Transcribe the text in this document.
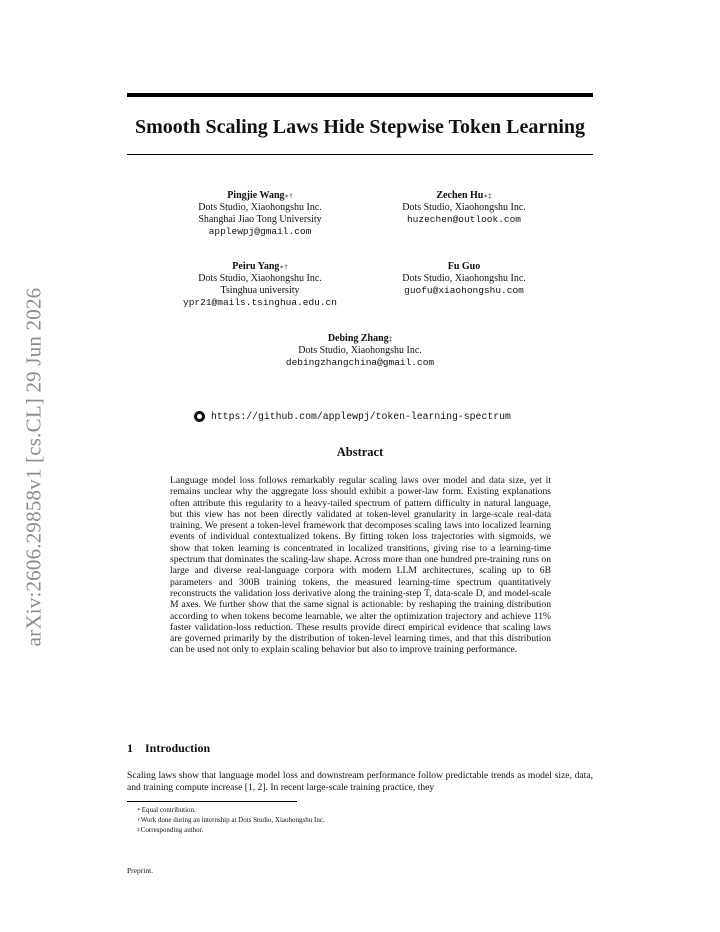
arXiv:2606.29858v1 [cs.CL] 29 Jun 2026
Smooth Scaling Laws Hide Stepwise Token Learning
Pingjie Wang∗†
Dots Studio, Xiaohongshu Inc.
Shanghai Jiao Tong University
applewpj@gmail.com
Zechen Hu∗‡
Dots Studio, Xiaohongshu Inc.
huzechen@outlook.com
Peiru Yang∗†
Dots Studio, Xiaohongshu Inc.
Tsinghua university
ypr21@mails.tsinghua.edu.cn
Fu Guo
Dots Studio, Xiaohongshu Inc.
guofu@xiaohongshu.com
Debing Zhang‡
Dots Studio, Xiaohongshu Inc.
debingzhangchina@gmail.com
https://github.com/applewpj/token-learning-spectrum
Abstract
Language model loss follows remarkably regular scaling laws over model and data size, yet it remains unclear why the aggregate loss should exhibit a power-law form. Existing explanations often attribute this regularity to a heavy-tailed spectrum of pattern difficulty in natural language, but this view has not been directly validated at token-level granularity in large-scale real-data training. We present a token-level framework that decomposes scaling laws into localized learning events of individual contextualized tokens. By fitting token loss trajectories with sigmoids, we show that token learning is concentrated in localized transitions, giving rise to a learning-time spectrum that dominates the scaling-law shape. Across more than one hundred pre-training runs on large and diverse real-language corpora with modern LLM architectures, scaling up to 6B parameters and 300B training tokens, the measured learning-time spectrum quantitatively reconstructs the validation loss derivative along the training-step T, data-scale D, and model-scale M axes. We further show that the same signal is actionable: by reshaping the training distribution according to when tokens become learnable, we alter the optimization trajectory and achieve 11% faster validation-loss reduction. These results provide direct empirical evidence that scaling laws are governed primarily by the distribution of token-level learning times, and that this distribution can be used not only to explain scaling behavior but also to improve training performance.
1 Introduction
Scaling laws show that language model loss and downstream performance follow predictable trends as model size, data, and training compute increase [1, 2]. In recent large-scale training practice, they
∗Equal contribution.
†Work done during an internship at Dots Studio, Xiaohongshu Inc.
‡Corresponding author.
Preprint.
